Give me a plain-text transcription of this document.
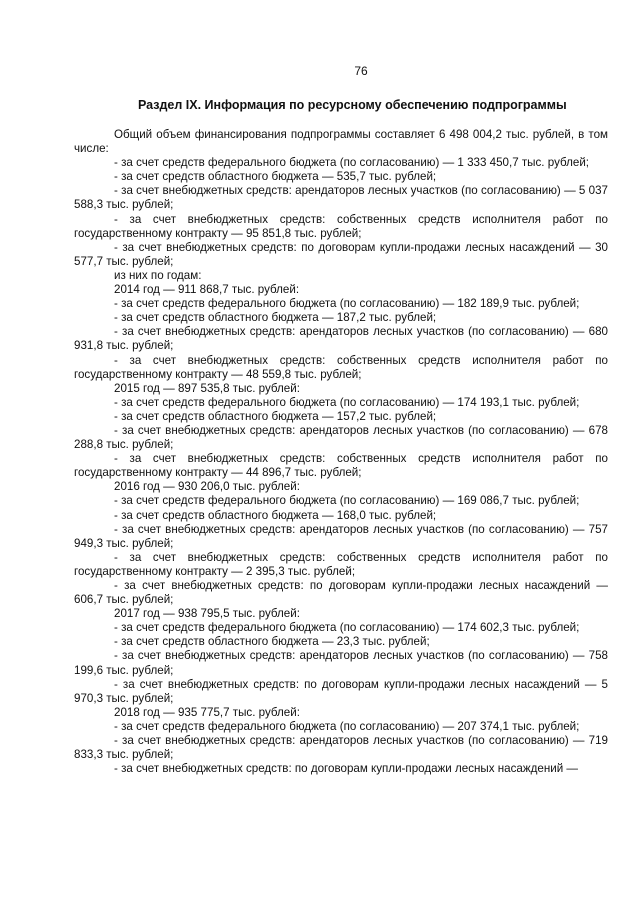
76
Раздел IX. Информация по ресурсному обеспечению подпрограммы

Общий объем финансирования подпрограммы составляет 6 498 004,2 тыс. рублей, в том числе:

- за счет средств федерального бюджета (по согласованию) — 1 333 450,7 тыс. рублей;

- за счет средств областного бюджета — 535,7 тыс. рублей;

- за счет внебюджетных средств: арендаторов лесных участков (по согласованию) — 5 037 588,3 тыс. рублей;

- за счет внебюджетных средств: собственных средств исполнителя работ по государственному контракту — 95 851,8 тыс. рублей;

- за счет внебюджетных средств: по договорам купли-продажи лесных насаждений — 30 577,7 тыс. рублей;

из них по годам:

2014 год — 911 868,7 тыс. рублей:

- за счет средств федерального бюджета (по согласованию) — 182 189,9 тыс. рублей;

- за счет средств областного бюджета — 187,2 тыс. рублей;

- за счет внебюджетных средств: арендаторов лесных участков (по согласованию) — 680 931,8 тыс. рублей;

- за счет внебюджетных средств: собственных средств исполнителя работ по государственному контракту — 48 559,8 тыс. рублей;

2015 год — 897 535,8 тыс. рублей:

- за счет средств федерального бюджета (по согласованию) — 174 193,1 тыс. рублей;

- за счет средств областного бюджета — 157,2 тыс. рублей;

- за счет внебюджетных средств: арендаторов лесных участков (по согласованию) — 678 288,8 тыс. рублей;

- за счет внебюджетных средств: собственных средств исполнителя работ по государственному контракту — 44 896,7 тыс. рублей;

2016 год — 930 206,0 тыс. рублей:

- за счет средств федерального бюджета (по согласованию) — 169 086,7 тыс. рублей;

- за счет средств областного бюджета — 168,0 тыс. рублей;

- за счет внебюджетных средств: арендаторов лесных участков (по согласованию) — 757 949,3 тыс. рублей;

- за счет внебюджетных средств: собственных средств исполнителя работ по государственному контракту — 2 395,3 тыс. рублей;

- за счет внебюджетных средств: по договорам купли-продажи лесных насаждений — 606,7 тыс. рублей;

2017 год — 938 795,5 тыс. рублей:

- за счет средств федерального бюджета (по согласованию) — 174 602,3 тыс. рублей;

- за счет средств областного бюджета — 23,3 тыс. рублей;

- за счет внебюджетных средств: арендаторов лесных участков (по согласованию) — 758 199,6 тыс. рублей;

- за счет внебюджетных средств: по договорам купли-продажи лесных насаждений — 5 970,3 тыс. рублей;

2018 год — 935 775,7 тыс. рублей:

- за счет средств федерального бюджета (по согласованию) — 207 374,1 тыс. рублей;

- за счет внебюджетных средств: арендаторов лесных участков (по согласованию) — 719 833,3 тыс. рублей;

- за счет внебюджетных средств: по договорам купли-продажи лесных насаждений —
